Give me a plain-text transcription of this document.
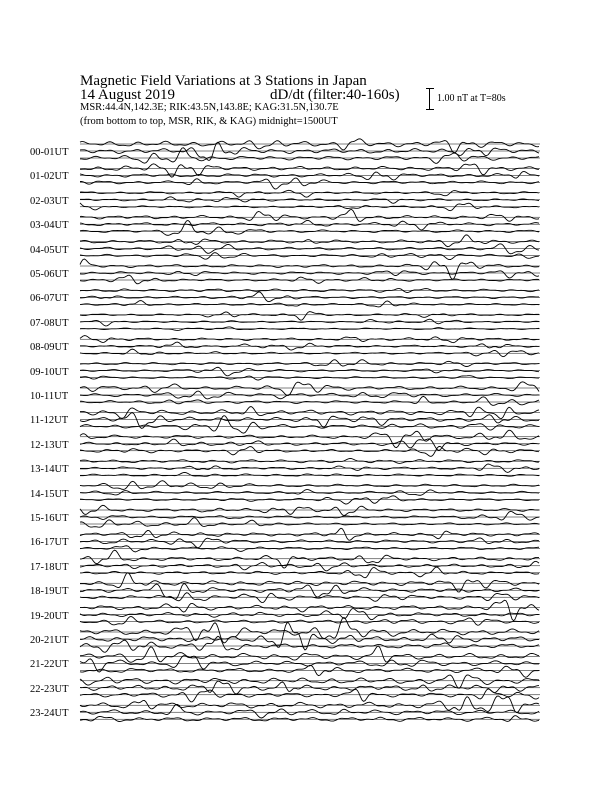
Magnetic Field Variations at 3 Stations in Japan
14 August 2019	dD/dt (filter:40-160s)
MSR:44.4N,142.3E; RIK:43.5N,143.8E; KAG:31.5N,130.7E
(from bottom to top, MSR, RIK, & KAG) midnight=1500UT
1.00 nT at T=80s
00-01UT
01-02UT
02-03UT
03-04UT
04-05UT
05-06UT
06-07UT
07-08UT
08-09UT
09-10UT
10-11UT
11-12UT
12-13UT
13-14UT
14-15UT
15-16UT
16-17UT
17-18UT
18-19UT
19-20UT
20-21UT
21-22UT
22-23UT
23-24UT
